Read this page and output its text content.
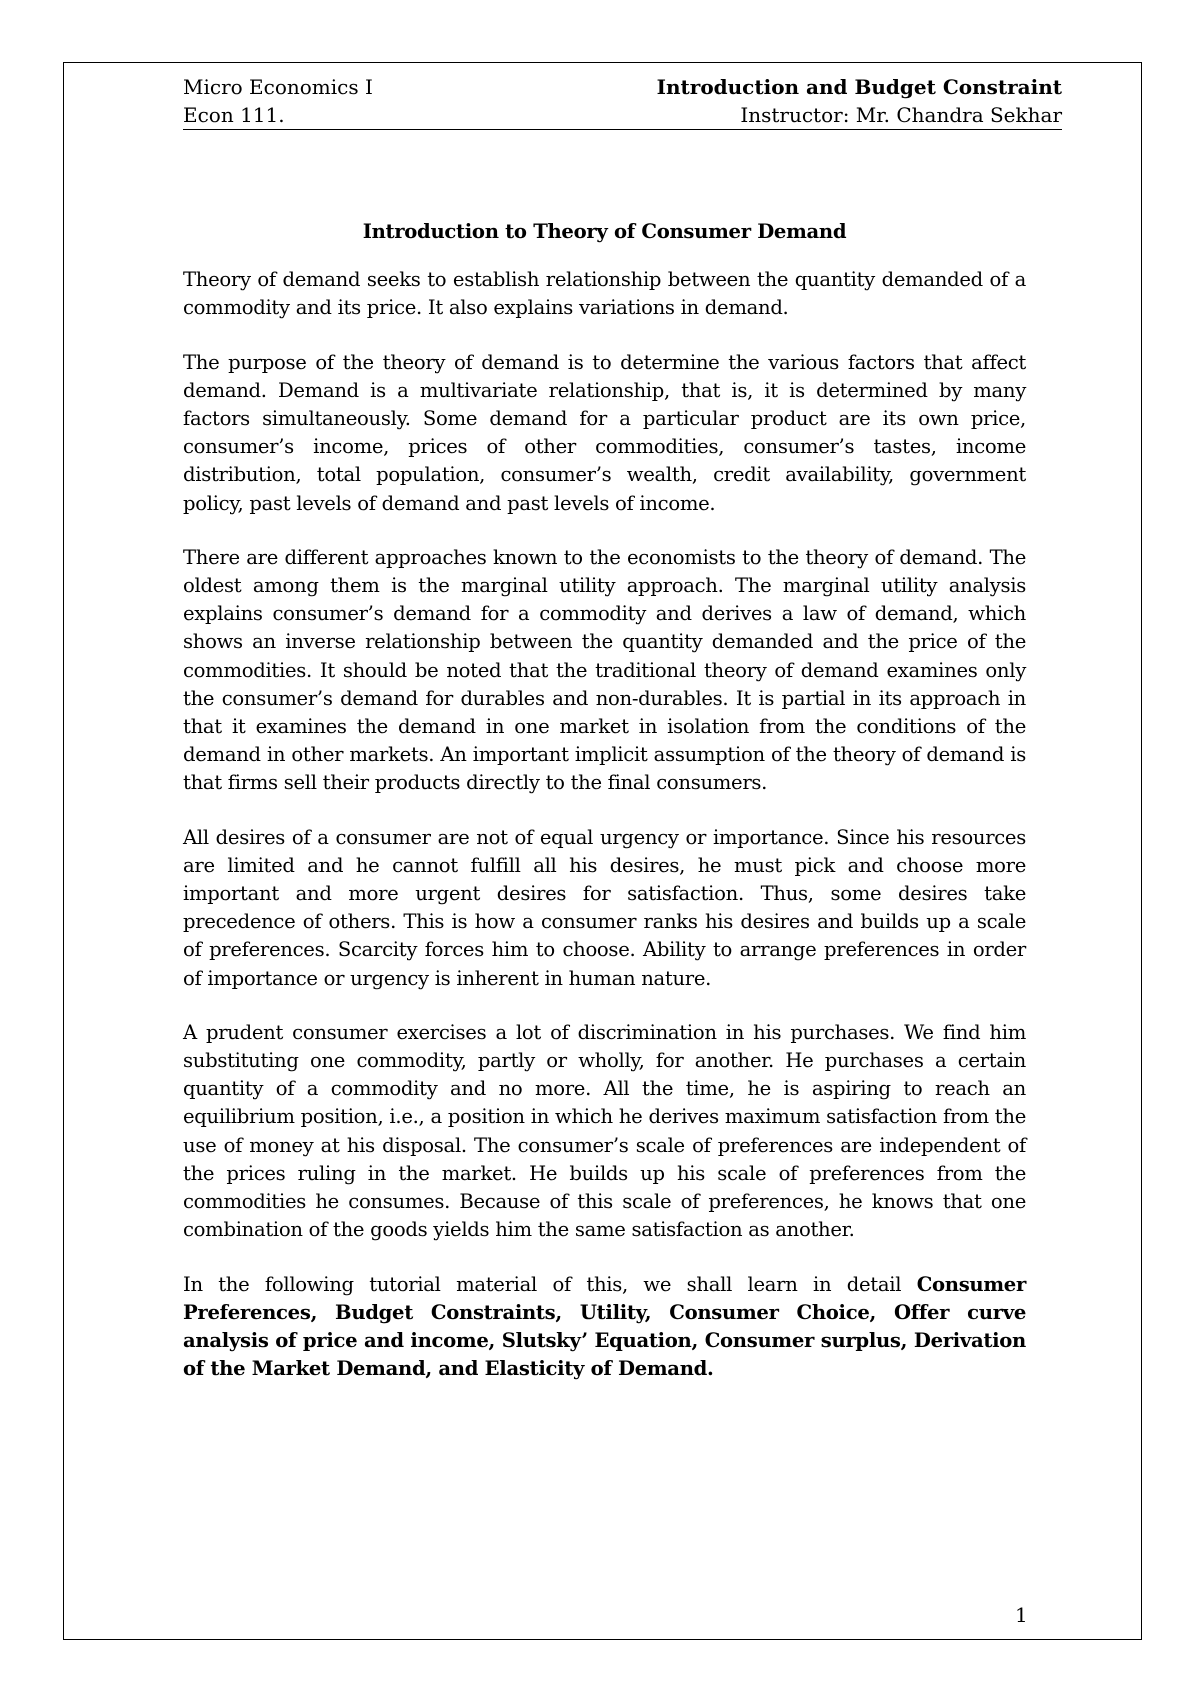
Micro Economics I	Introduction and Budget Constraint
Econ 111.	Instructor: Mr. Chandra Sekhar

Introduction to Theory of Consumer Demand

Theory of demand seeks to establish relationship between the quantity demanded of a commodity and its price. It also explains variations in demand.

The purpose of the theory of demand is to determine the various factors that affect demand. Demand is a multivariate relationship, that is, it is determined by many factors simultaneously. Some demand for a particular product are its own price, consumer’s income, prices of other commodities, consumer’s tastes, income distribution, total population, consumer’s wealth, credit availability, government policy, past levels of demand and past levels of income.

There are different approaches known to the economists to the theory of demand. The oldest among them is the marginal utility approach. The marginal utility analysis explains consumer’s demand for a commodity and derives a law of demand, which shows an inverse relationship between the quantity demanded and the price of the commodities. It should be noted that the traditional theory of demand examines only the consumer’s demand for durables and non-durables. It is partial in its approach in that it examines the demand in one market in isolation from the conditions of the demand in other markets. An important implicit assumption of the theory of demand is that firms sell their products directly to the final consumers.

All desires of a consumer are not of equal urgency or importance. Since his resources are limited and he cannot fulfill all his desires, he must pick and choose more important and more urgent desires for satisfaction. Thus, some desires take precedence of others. This is how a consumer ranks his desires and builds up a scale of preferences. Scarcity forces him to choose. Ability to arrange preferences in order of importance or urgency is inherent in human nature.

A prudent consumer exercises a lot of discrimination in his purchases. We find him substituting one commodity, partly or wholly, for another. He purchases a certain quantity of a commodity and no more. All the time, he is aspiring to reach an equilibrium position, i.e., a position in which he derives maximum satisfaction from the use of money at his disposal. The consumer’s scale of preferences are independent of the prices ruling in the market. He builds up his scale of preferences from the commodities he consumes. Because of this scale of preferences, he knows that one combination of the goods yields him the same satisfaction as another.

In the following tutorial material of this, we shall learn in detail Consumer Preferences, Budget Constraints, Utility, Consumer Choice, Offer curve analysis of price and income, Slutsky’ Equation, Consumer surplus, Derivation of the Market Demand, and Elasticity of Demand.

1
